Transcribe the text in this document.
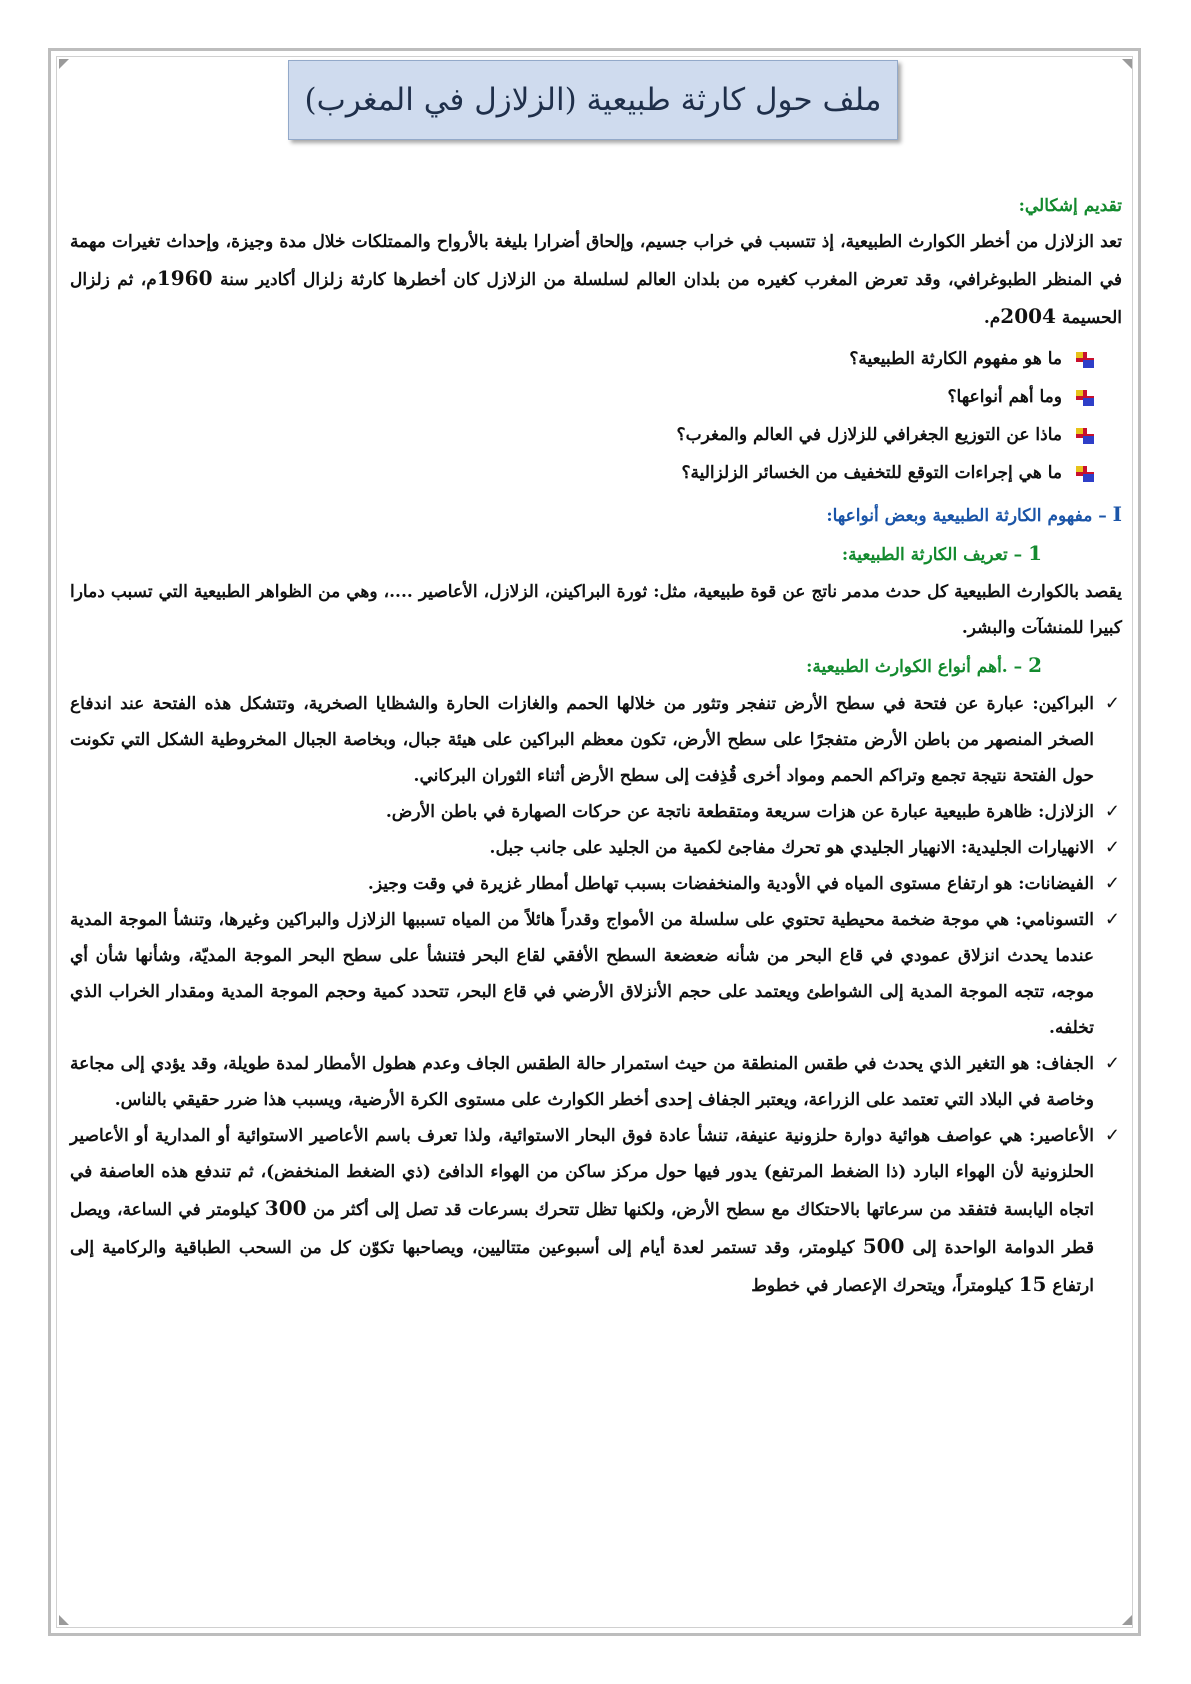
ملف حول كارثة طبيعية (الزلازل في المغرب)
تقديم إشكالي:

تعد الزلازل من أخطر الكوارث الطبيعية، إذ تتسبب في خراب جسيم، وإلحاق أضرارا بليغة بالأرواح والممتلكات خلال مدة وجيزة، وإحداث تغيرات مهمة في المنظر الطبوغرافي، وقد تعرض المغرب كغيره من بلدان العالم لسلسلة من الزلازل كان أخطرها كارثة زلزال أكادير سنة 1960م، ثم زلزال الحسيمة 2004م.

ما هو مفهوم الكارثة الطبيعية؟
وما أهم أنواعها؟
ماذا عن التوزيع الجغرافي للزلازل في العالم والمغرب؟
ما هي إجراءات التوقع للتخفيف من الخسائر الزلزالية؟
I – مفهوم الكارثة الطبيعية وبعض أنواعها:
1 – تعريف الكارثة الطبيعية:

يقصد بالكوارث الطبيعية كل حدث مدمر ناتج عن قوة طبيعية، مثل: ثورة البراكينن، الزلازل، الأعاصير ....، وهي من الظواهر الطبيعية التي تسبب دمارا كبيرا للمنشآت والبشر.

2 – .أهم أنواع الكوارث الطبيعية:
✓
البراكين: عبارة عن فتحة في سطح الأرض تنفجر وتثور من خلالها الحمم والغازات الحارة والشظايا الصخرية، وتتشكل هذه الفتحة عند اندفاع الصخر المنصهر من باطن الأرض متفجرًا على سطح الأرض، تكون معظم البراكين على هيئة جبال، وبخاصة الجبال المخروطية الشكل التي تكونت حول الفتحة نتيجة تجمع وتراكم الحمم ومواد أخرى قُذِفت إلى سطح الأرض أثناء الثوران البركاني.
✓
الزلازل: ظاهرة طبيعية عبارة عن هزات سريعة ومتقطعة ناتجة عن حركات الصهارة في باطن الأرض.
✓
الانهيارات الجليدية: الانهيار الجليدي هو تحرك مفاجئ لكمية من الجليد على جانب جبل.
✓
الفيضانات: هو ارتفاع مستوى المياه في الأودية والمنخفضات بسبب تهاطل أمطار غزيرة في وقت وجيز.
✓
التسونامي: هي موجة ضخمة محيطية تحتوي على سلسلة من الأمواج وقدراً هائلاً من المياه تسببها الزلازل والبراكين وغيرها، وتنشأ الموجة المدية عندما يحدث انزلاق عمودي في قاع البحر من شأنه ضعضعة السطح الأفقي لقاع البحر فتنشأ على سطح البحر الموجة المديّة، وشأنها شأن أي موجه، تتجه الموجة المدية إلى الشواطئ ويعتمد على حجم الأنزلاق الأرضي في قاع البحر، تتحدد كمية وحجم الموجة المدية ومقدار الخراب الذي تخلفه.
✓
الجفاف: هو التغير الذي يحدث في طقس المنطقة من حيث استمرار حالة الطقس الجاف وعدم هطول الأمطار لمدة طويلة، وقد يؤدي إلى مجاعة وخاصة في البلاد التي تعتمد على الزراعة، ويعتبر الجفاف إحدى أخطر الكوارث على مستوى الكرة الأرضية، ويسبب هذا ضرر حقيقي بالناس.
✓
الأعاصير: هي عواصف هوائية دوارة حلزونية عنيفة، تنشأ عادة فوق البحار الاستوائية، ولذا تعرف باسم الأعاصير الاستوائية أو المدارية أو الأعاصير الحلزونية لأن الهواء البارد (ذا الضغط المرتفع) يدور فيها حول مركز ساكن من الهواء الدافئ (ذي الضغط المنخفض)، ثم تندفع هذه العاصفة في اتجاه اليابسة فتفقد من سرعاتها بالاحتكاك مع سطح الأرض، ولكنها تظل تتحرك بسرعات قد تصل إلى أكثر من 300 كيلومتر في الساعة، ويصل قطر الدوامة الواحدة إلى 500 كيلومتر، وقد تستمر لعدة أيام إلى أسبوعين متتاليين، ويصاحبها تكوّن كل من السحب الطباقية والركامية إلى ارتفاع 15 كيلومتراً، ويتحرك الإعصار في خطوط
